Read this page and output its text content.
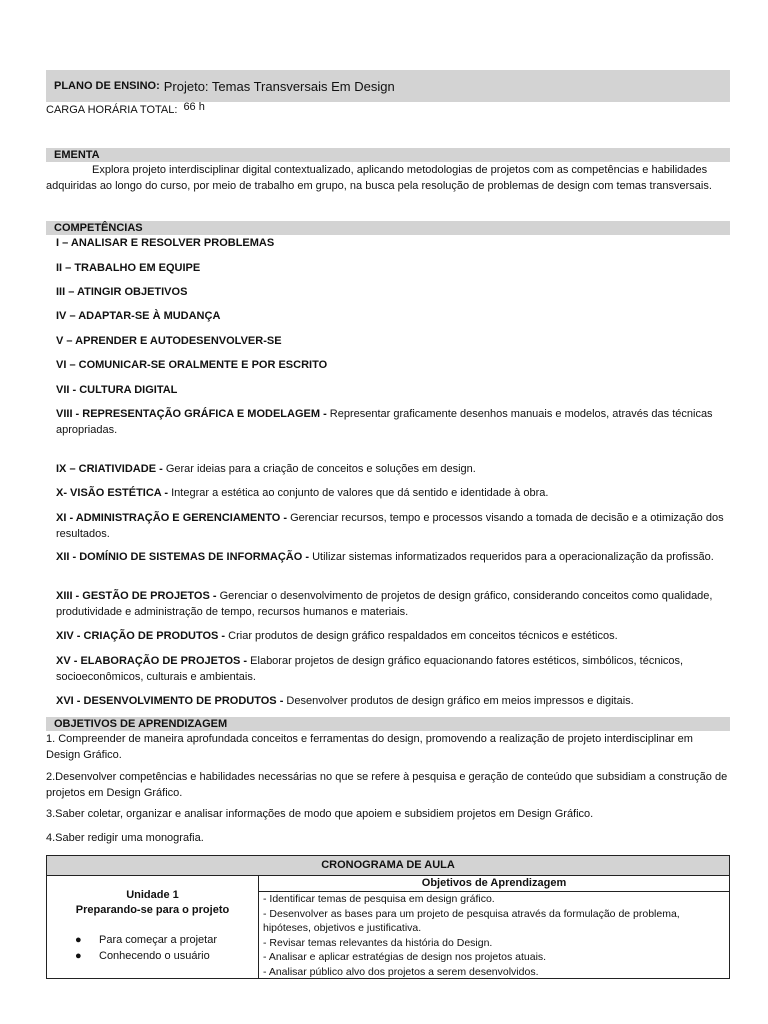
PLANO DE ENSINO: Projeto: Temas Transversais Em Design
CARGA HORÁRIA TOTAL: 66 h
EMENTA
Explora projeto interdisciplinar digital contextualizado, aplicando metodologias de projetos com as competências e habilidades adquiridas ao longo do curso, por meio de trabalho em grupo, na busca pela resolução de problemas de design com temas transversais.
COMPETÊNCIAS
I – ANALISAR E RESOLVER PROBLEMAS
II – TRABALHO EM EQUIPE
III – ATINGIR OBJETIVOS
IV – ADAPTAR-SE À MUDANÇA
V – APRENDER E AUTODESENVOLVER-SE
VI – COMUNICAR-SE ORALMENTE E POR ESCRITO
VII - CULTURA DIGITAL
VIII - REPRESENTAÇÃO GRÁFICA E MODELAGEM - Representar graficamente desenhos manuais e modelos, através das técnicas apropriadas.
IX – CRIATIVIDADE - Gerar ideias para a criação de conceitos e soluções em design.
X- VISÃO ESTÉTICA - Integrar a estética ao conjunto de valores que dá sentido e identidade à obra.
XI - ADMINISTRAÇÃO E GERENCIAMENTO - Gerenciar recursos, tempo e processos visando a tomada de decisão e a otimização dos resultados.
XII - DOMÍNIO DE SISTEMAS DE INFORMAÇÃO - Utilizar sistemas informatizados requeridos para a operacionalização da profissão.
XIII - GESTÃO DE PROJETOS - Gerenciar o desenvolvimento de projetos de design gráfico, considerando conceitos como qualidade, produtividade e administração de tempo, recursos humanos e materiais.
XIV - CRIAÇÃO DE PRODUTOS - Criar produtos de design gráfico respaldados em conceitos técnicos e estéticos.
XV - ELABORAÇÃO DE PROJETOS - Elaborar projetos de design gráfico equacionando fatores estéticos, simbólicos, técnicos, socioeconômicos, culturais e ambientais.
XVI - DESENVOLVIMENTO DE PRODUTOS - Desenvolver produtos de design gráfico em meios impressos e digitais.
OBJETIVOS DE APRENDIZAGEM
1. Compreender de maneira aprofundada conceitos e ferramentas do design, promovendo a realização de projeto interdisciplinar em Design Gráfico.
2.Desenvolver competências e habilidades necessárias no que se refere à pesquisa e geração de conteúdo que subsidiam a construção de projetos em Design Gráfico.
3.Saber coletar, organizar e analisar informações de modo que apoiem e subsidiem projetos em Design Gráfico.
4.Saber redigir uma monografia.
CRONOGRAMA DE AULA
Unidade 1
Preparando-se para o projeto
● Para começar a projetar
● Conhecendo o usuário
Objetivos de Aprendizagem
- Identificar temas de pesquisa em design gráfico.
- Desenvolver as bases para um projeto de pesquisa através da formulação de problema, hipóteses, objetivos e justificativa.
- Revisar temas relevantes da história do Design.
- Analisar e aplicar estratégias de design nos projetos atuais.
- Analisar público alvo dos projetos a serem desenvolvidos.
